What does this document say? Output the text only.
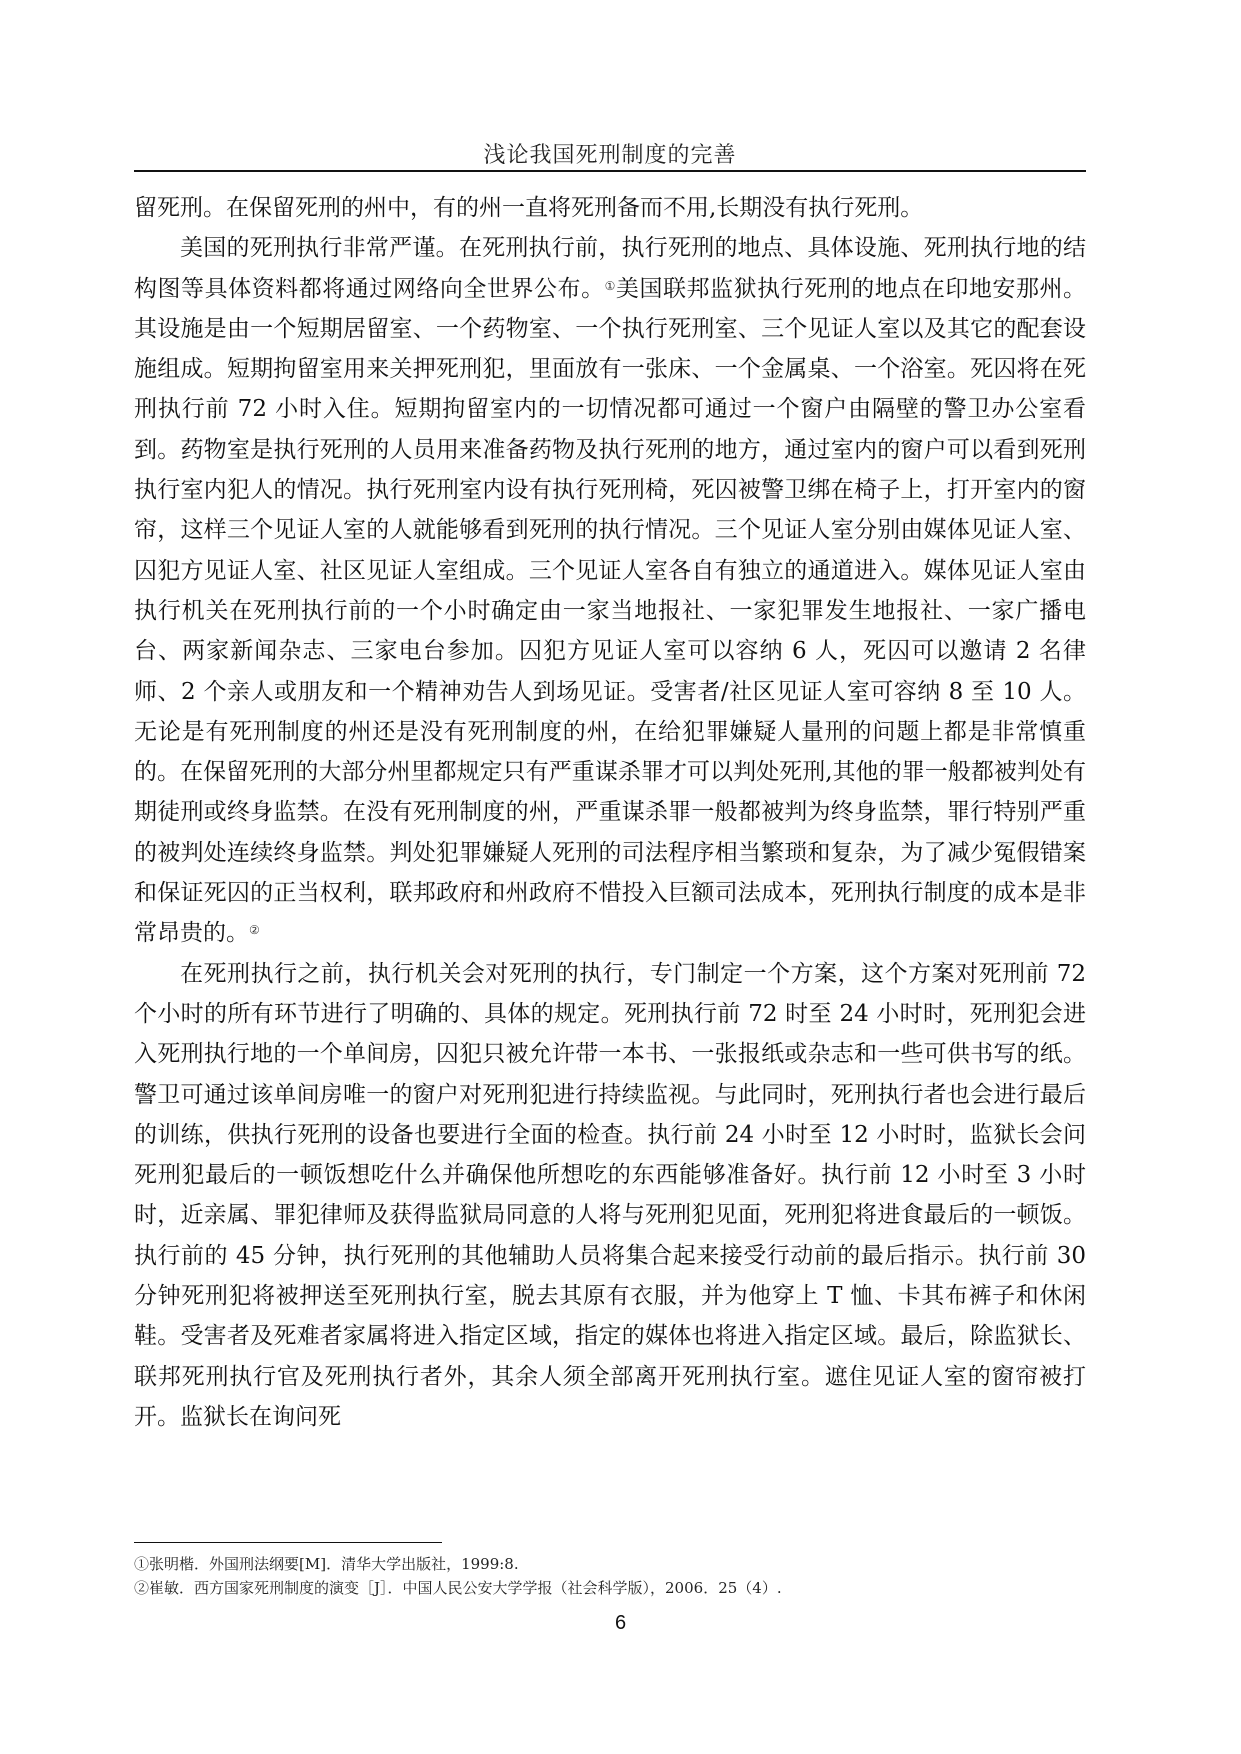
浅论我国死刑制度的完善

留死刑。在保留死刑的州中，有的州一直将死刑备而不用,长期没有执行死刑。

美国的死刑执行非常严谨。在死刑执行前，执行死刑的地点、具体设施、死刑执行地的结构图等具体资料都将通过网络向全世界公布。①美国联邦监狱执行死刑的地点在印地安那州。其设施是由一个短期居留室、一个药物室、一个执行死刑室、三个见证人室以及其它的配套设施组成。短期拘留室用来关押死刑犯，里面放有一张床、一个金属桌、一个浴室。死囚将在死刑执行前 72 小时入住。短期拘留室内的一切情况都可通过一个窗户由隔壁的警卫办公室看到。药物室是执行死刑的人员用来准备药物及执行死刑的地方，通过室内的窗户可以看到死刑执行室内犯人的情况。执行死刑室内设有执行死刑椅，死囚被警卫绑在椅子上，打开室内的窗帘，这样三个见证人室的人就能够看到死刑的执行情况。三个见证人室分别由媒体见证人室、囚犯方见证人室、社区见证人室组成。三个见证人室各自有独立的通道进入。媒体见证人室由执行机关在死刑执行前的一个小时确定由一家当地报社、一家犯罪发生地报社、一家广播电台、两家新闻杂志、三家电台参加。囚犯方见证人室可以容纳 6 人，死囚可以邀请 2 名律师、2 个亲人或朋友和一个精神劝告人到场见证。受害者/社区见证人室可容纳 8 至 10 人。 无论是有死刑制度的州还是没有死刑制度的州，在给犯罪嫌疑人量刑的问题上都是非常慎重的。在保留死刑的大部分州里都规定只有严重谋杀罪才可以判处死刑,其他的罪一般都被判处有期徒刑或终身监禁。在没有死刑制度的州，严重谋杀罪一般都被判为终身监禁，罪行特别严重的被判处连续终身监禁。判处犯罪嫌疑人死刑的司法程序相当繁琐和复杂，为了减少冤假错案和保证死囚的正当权利，联邦政府和州政府不惜投入巨额司法成本，死刑执行制度的成本是非常昂贵的。②

在死刑执行之前，执行机关会对死刑的执行，专门制定一个方案，这个方案对死刑前 72 个小时的所有环节进行了明确的、具体的规定。死刑执行前 72 时至 24 小时时，死刑犯会进入死刑执行地的一个单间房，囚犯只被允许带一本书、一张报纸或杂志和一些可供书写的纸。警卫可通过该单间房唯一的窗户对死刑犯进行持续监视。与此同时，死刑执行者也会进行最后的训练，供执行死刑的设备也要进行全面的检查。执行前 24 小时至 12 小时时，监狱长会问死刑犯最后的一顿饭想吃什么并确保他所想吃的东西能够准备好。执行前 12 小时至 3 小时时，近亲属、罪犯律师及获得监狱局同意的人将与死刑犯见面，死刑犯将进食最后的一顿饭。执行前的 45 分钟，执行死刑的其他辅助人员将集合起来接受行动前的最后指示。执行前 30 分钟死刑犯将被押送至死刑执行室，脱去其原有衣服，并为他穿上 T 恤、卡其布裤子和休闲鞋。受害者及死难者家属将进入指定区域，指定的媒体也将进入指定区域。最后，除监狱长、联邦死刑执行官及死刑执行者外，其余人须全部离开死刑执行室。遮住见证人室的窗帘被打开。监狱长在询问死

①张明楷．外国刑法纲要[M]．清华大学出版社，1999:8.
②崔敏．西方国家死刑制度的演变［J］．中国人民公安大学学报（社会科学版），2006．25（4）.
6
